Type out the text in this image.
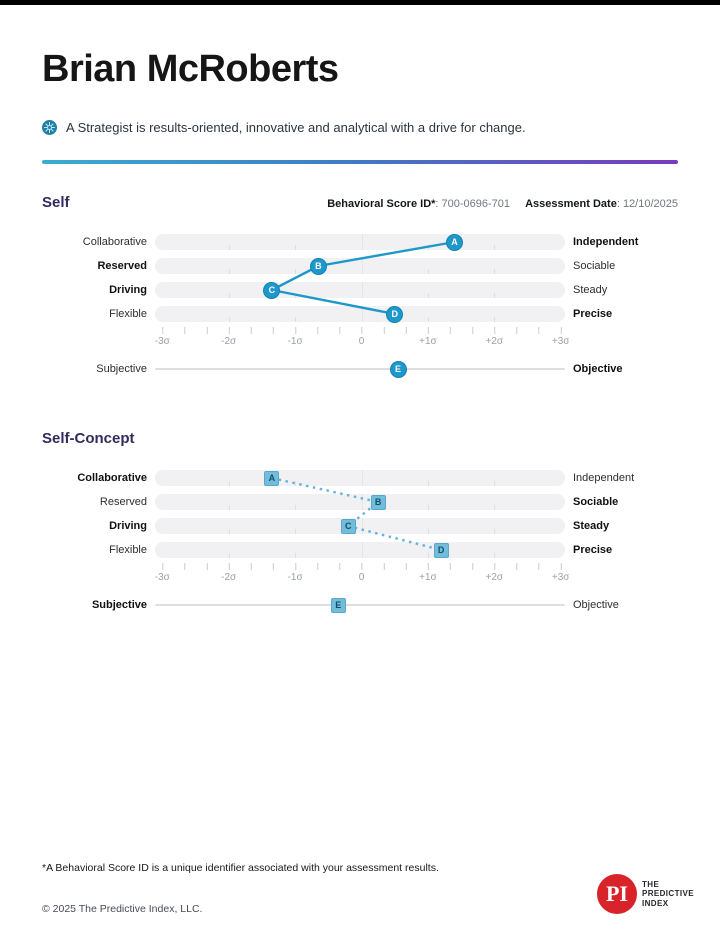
Brian McRoberts
A Strategist is results-oriented, innovative and analytical with a drive for change.
Self	Behavioral Score ID*: 700-0696-701 Assessment Date: 12/10/2025
Collaborative	Independent
Reserved	Sociable
Driving	Steady
Flexible	Precise
A
B
C
D
-3σ	-2σ	-1σ	0	+1σ	+2σ	+3σ
Subjective	E	Objective
Self-Concept
Collaborative	Independent
Reserved	Sociable
Driving	Steady
Flexible	Precise
A
B
C
D
-3σ	-2σ	-1σ	0	+1σ	+2σ	+3σ
Subjective	E	Objective
*A Behavioral Score ID is a unique identifier associated with your assessment results.
© 2025 The Predictive Index, LLC.
PI THE
PREDICTIVE
INDEX
